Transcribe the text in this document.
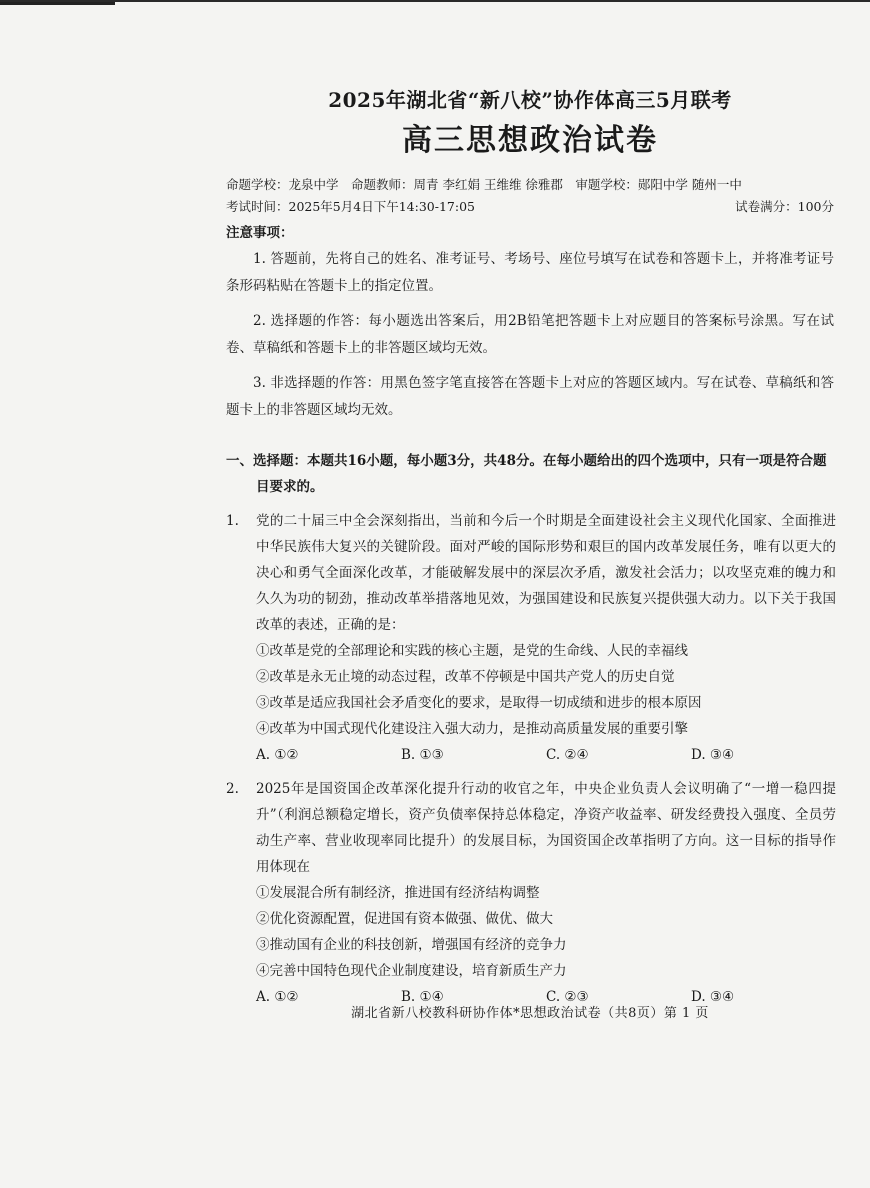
2025年湖北省“新八校”协作体高三5月联考
高三思想政治试卷
命题学校：龙泉中学　命题教师：周青 李红娟 王维维 徐雅郡　审题学校：郧阳中学 随州一中
考试时间：2025年5月4日下午14:30-17:05	试卷满分：100分
注意事项：

1. 答题前，先将自己的姓名、准考证号、考场号、座位号填写在试卷和答题卡上，并将准考证号条形码粘贴在答题卡上的指定位置。

2. 选择题的作答：每小题选出答案后，用2B铅笔把答题卡上对应题目的答案标号涂黑。写在试卷、草稿纸和答题卡上的非答题区域均无效。

3. 非选择题的作答：用黑色签字笔直接答在答题卡上对应的答题区域内。写在试卷、草稿纸和答题卡上的非答题区域均无效。

一、选择题：本题共16小题，每小题3分，共48分。在每小题给出的四个选项中，只有一项是符合题目要求的。
1.	党的二十届三中全会深刻指出，当前和今后一个时期是全面建设社会主义现代化国家、全面推进中华民族伟大复兴的关键阶段。面对严峻的国际形势和艰巨的国内改革发展任务，唯有以更大的决心和勇气全面深化改革，才能破解发展中的深层次矛盾，激发社会活力；以攻坚克难的魄力和久久为功的韧劲，推动改革举措落地见效，为强国建设和民族复兴提供强大动力。以下关于我国改革的表述，正确的是：
①改革是党的全部理论和实践的核心主题，是党的生命线、人民的幸福线
②改革是永无止境的动态过程，改革不停顿是中国共产党人的历史自觉
③改革是适应我国社会矛盾变化的要求，是取得一切成绩和进步的根本原因
④改革为中国式现代化建设注入强大动力，是推动高质量发展的重要引擎
A. ①②	B. ①③	C. ②④	D. ③④
2.	2025年是国资国企改革深化提升行动的收官之年，中央企业负责人会议明确了“一增一稳四提升”（利润总额稳定增长，资产负债率保持总体稳定，净资产收益率、研发经费投入强度、全员劳动生产率、营业收现率同比提升）的发展目标，为国资国企改革指明了方向。这一目标的指导作用体现在
①发展混合所有制经济，推进国有经济结构调整
②优化资源配置，促进国有资本做强、做优、做大
③推动国有企业的科技创新，增强国有经济的竞争力
④完善中国特色现代企业制度建设，培育新质生产力
A. ①②	B. ①④	C. ②③	D. ③④
湖北省新八校教科研协作体*思想政治试卷（共8页）第 1 页
